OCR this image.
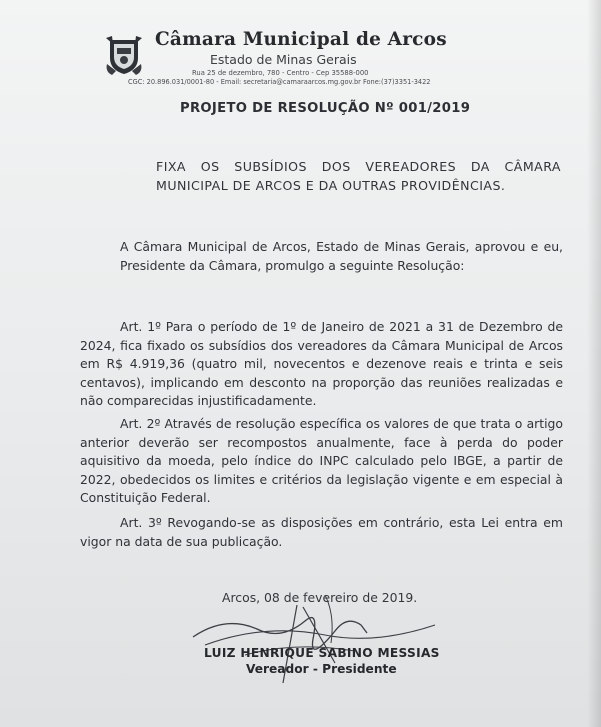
Câmara Municipal de Arcos
Estado de Minas Gerais
Rua 25 de dezembro, 780 - Centro - Cep 35588-000
CGC: 20.896.031/0001-80 - Email: secretaria@camaraarcos.mg.gov.br Fone:(37)3351-3422
PROJETO DE RESOLUÇÃO Nº 001/2019
FIXA OS SUBSÍDIOS DOS VEREADORES DA CÂMARA MUNICIPAL DE ARCOS E DA OUTRAS PROVIDÊNCIAS.

A Câmara Municipal de Arcos, Estado de Minas Gerais, aprovou e eu, Presidente da Câmara, promulgo a seguinte Resolução:

Art. 1º Para o período de 1º de Janeiro de 2021 a 31 de Dezembro de 2024, fica fixado os subsídios dos vereadores da Câmara Municipal de Arcos em R$ 4.919,36 (quatro mil, novecentos e dezenove reais e trinta e seis centavos), implicando em desconto na proporção das reuniões realizadas e não comparecidas injustificadamente.

Art. 2º Através de resolução específica os valores de que trata o artigo anterior deverão ser recompostos anualmente, face à perda do poder aquisitivo da moeda, pelo índice do INPC calculado pelo IBGE, a partir de 2022, obedecidos os limites e critérios da legislação vigente e em especial à Constituição Federal.

Art. 3º Revogando-se as disposições em contrário, esta Lei entra em vigor na data de sua publicação.

Arcos, 08 de fevereiro de 2019.
LUIZ HENRIQUE SABINO MESSIAS
Vereador - Presidente
